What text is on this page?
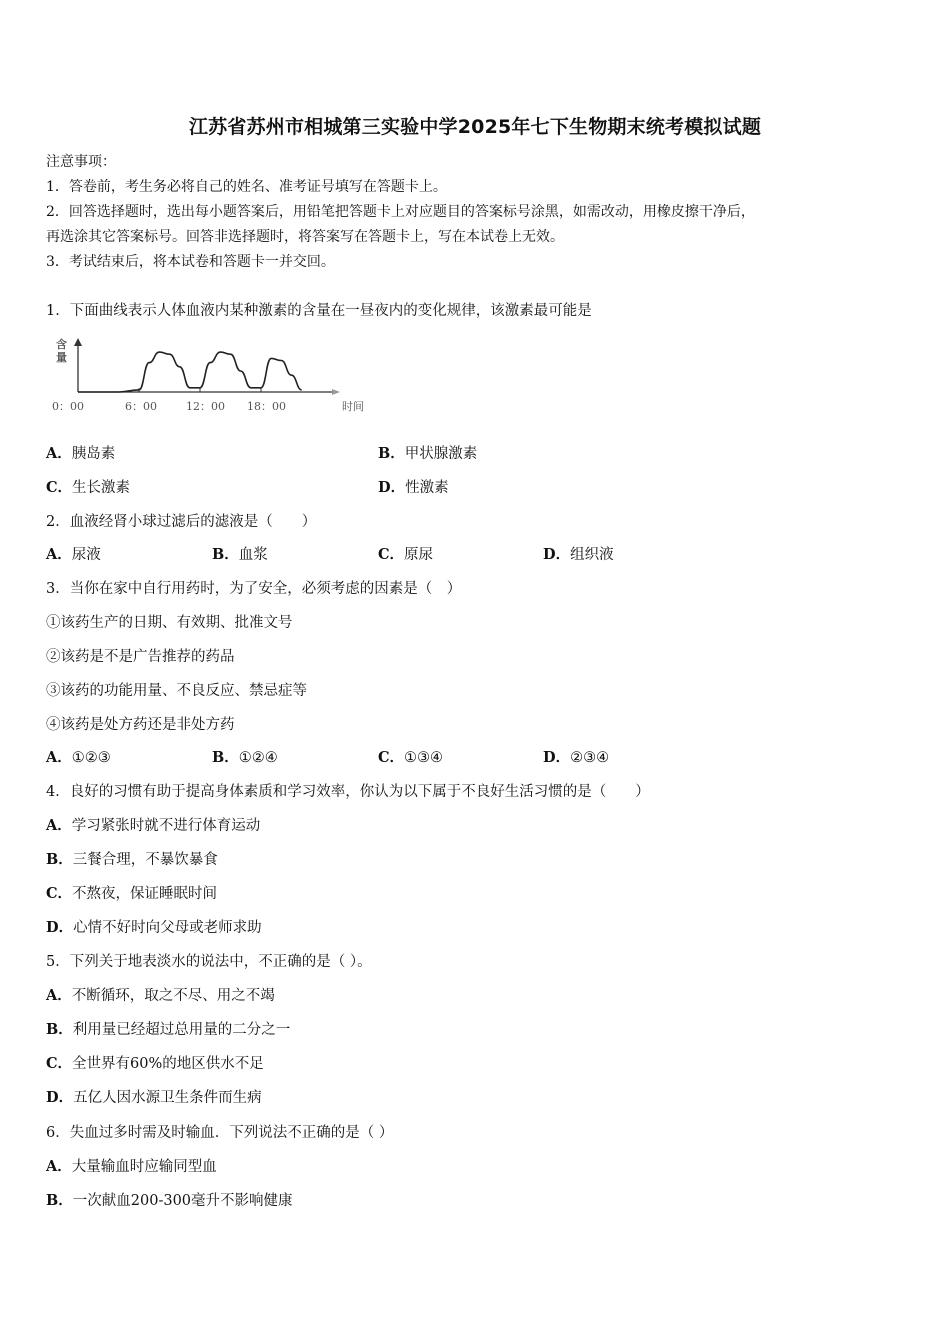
江苏省苏州市相城第三实验中学2025年七下生物期末统考模拟试题
注意事项：
1．答卷前，考生务必将自己的姓名、准考证号填写在答题卡上。
2．回答选择题时，选出每小题答案后，用铅笔把答题卡上对应题目的答案标号涂黑，如需改动，用橡皮擦干净后，
再选涂其它答案标号。回答非选择题时，将答案写在答题卡上，写在本试卷上无效。
3．考试结束后，将本试卷和答题卡一并交回。
1．下面曲线表示人体血液内某种激素的含量在一昼夜内的变化规律，该激素最可能是
含
量
时间
0：00	6：00	12：00 18：00
A．胰岛素	B．甲状腺激素
C．生长激素	D．性激素
2．血液经肾小球过滤后的滤液是（　　）
A．尿液	B．血浆	C．原尿	D．组织液
3．当你在家中自行用药时，为了安全，必须考虑的因素是（　）
①该药生产的日期、有效期、批准文号
②该药是不是广告推荐的药品
③该药的功能用量、不良反应、禁忌症等
④该药是处方药还是非处方药
A．①②③	B．①②④	C．①③④	D．②③④
4．良好的习惯有助于提高身体素质和学习效率，你认为以下属于不良好生活习惯的是（　　）
A．学习紧张时就不进行体育运动
B．三餐合理，不暴饮暴食
C．不熬夜，保证睡眠时间
D．心情不好时向父母或老师求助
5．下列关于地表淡水的说法中，不正确的是（ ）。
A．不断循环，取之不尽、用之不竭
B．利用量已经超过总用量的二分之一
C．全世界有60%的地区供水不足
D．五亿人因水源卫生条件而生病
6．失血过多时需及时输血．下列说法不正确的是（ ）
A．大量输血时应输同型血
B．一次献血200-300毫升不影响健康
